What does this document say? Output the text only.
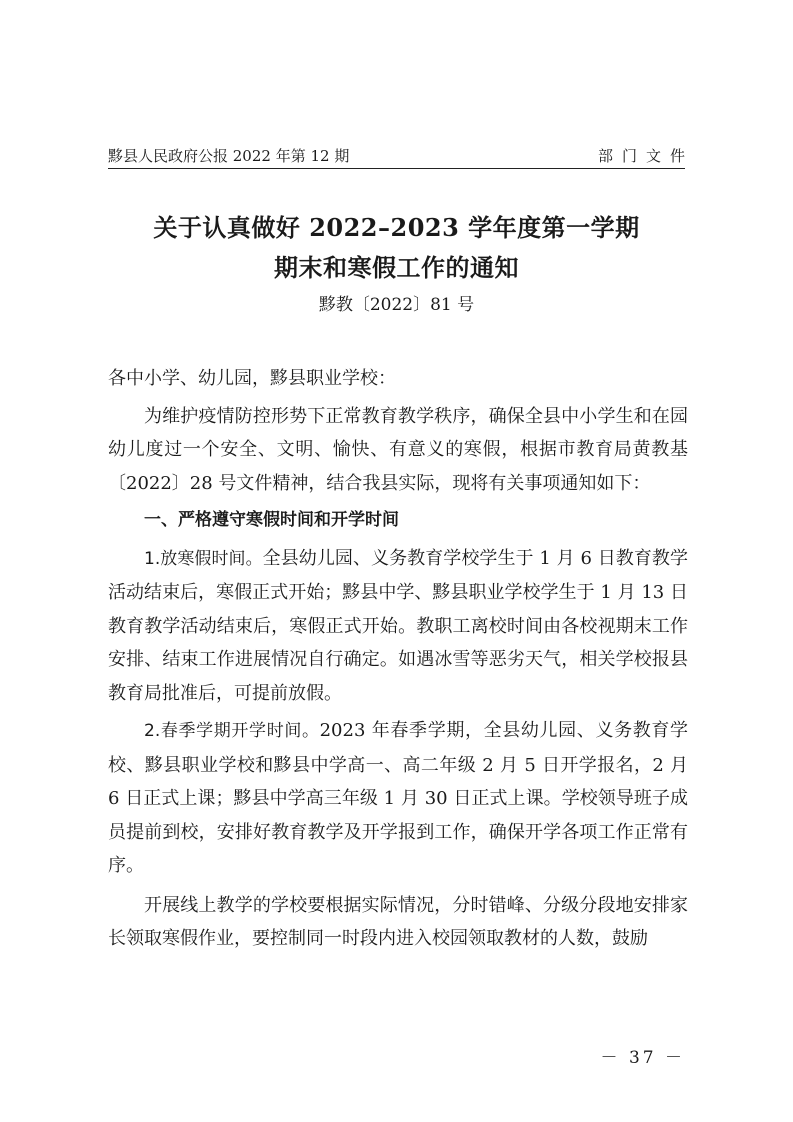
黟县人民政府公报 2022 年第 12 期	部门文件
关于认真做好 2022–2023 学年度第一学期
期末和寒假工作的通知
黟教〔2022〕81 号

各中小学、幼儿园，黟县职业学校：

为维护疫情防控形势下正常教育教学秩序，确保全县中小学生和在园幼儿度过一个安全、文明、愉快、有意义的寒假，根据市教育局黄教基〔2022〕28 号文件精神，结合我县实际，现将有关事项通知如下：

一、严格遵守寒假时间和开学时间

1.放寒假时间。全县幼儿园、义务教育学校学生于 1 月 6 日教育教学活动结束后，寒假正式开始；黟县中学、黟县职业学校学生于 1 月 13 日教育教学活动结束后，寒假正式开始。教职工离校时间由各校视期末工作安排、结束工作进展情况自行确定。如遇冰雪等恶劣天气，相关学校报县教育局批准后，可提前放假。

2.春季学期开学时间。2023 年春季学期，全县幼儿园、义务教育学校、黟县职业学校和黟县中学高一、高二年级 2 月 5 日开学报名，2 月 6 日正式上课；黟县中学高三年级 1 月 30 日正式上课。学校领导班子成员提前到校，安排好教育教学及开学报到工作，确保开学各项工作正常有序。

开展线上教学的学校要根据实际情况，分时错峰、分级分段地安排家长领取寒假作业，要控制同一时段内进入校园领取教材的人数，鼓励

－ 37 －
